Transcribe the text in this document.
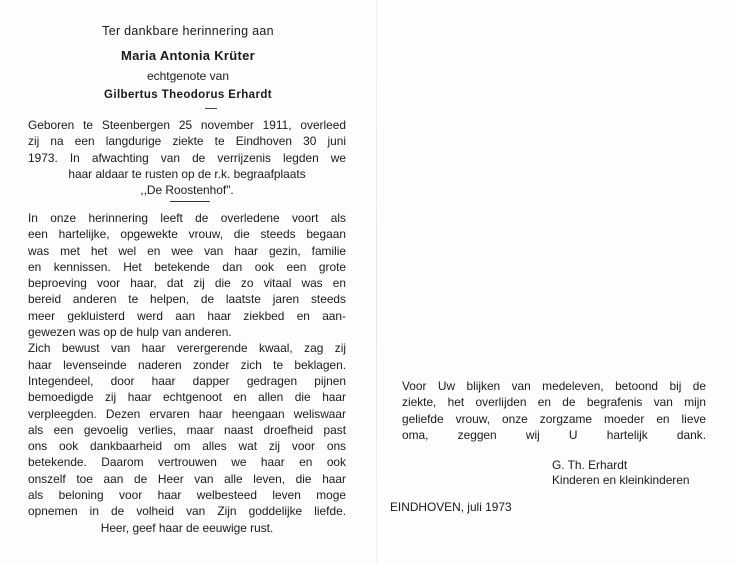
Ter dankbare herinnering aan
Maria Antonia Krüter
echtgenote van
Gilbertus Theodorus Erhardt
Geboren te Steenbergen 25 november 1911, overleed
zij na een langdurige ziekte te Eindhoven 30 juni
1973. In afwachting van de verrijzenis legden we
haar aldaar te rusten op de r.k. begraafplaats
,,De Roostenhof".
In onze herinnering leeft de overledene voort als
een hartelijke, opgewekte vrouw, die steeds begaan
was met het wel en wee van haar gezin, familie
en kennissen. Het betekende dan ook een grote
beproeving voor haar, dat zij die zo vitaal was en
bereid anderen te helpen, de laatste jaren steeds
meer gekluisterd werd aan haar ziekbed en aan-
gewezen was op de hulp van anderen.
Zich bewust van haar verergerende kwaal, zag zij
haar levenseinde naderen zonder zich te beklagen.
Integendeel, door haar dapper gedragen pijnen
bemoedigde zij haar echtgenoot en allen die haar
verpleegden. Dezen ervaren haar heengaan weliswaar
als een gevoelig verlies, maar naast droefheid past
ons ook dankbaarheid om alles wat zij voor ons
betekende. Daarom vertrouwen we haar en ook
onszelf toe aan de Heer van alle leven, die haar
als beloning voor haar welbesteed leven moge
opnemen in de volheid van Zijn goddelijke liefde.
Heer, geef haar de eeuwige rust.
Voor Uw blijken van medeleven, betoond bij de
ziekte, het overlijden en de begrafenis van mijn
geliefde vrouw, onze zorgzame moeder en lieve
oma, zeggen wij U hartelijk dank.
G. Th. Erhardt
Kinderen en kleinkinderen
EINDHOVEN, juli 1973
